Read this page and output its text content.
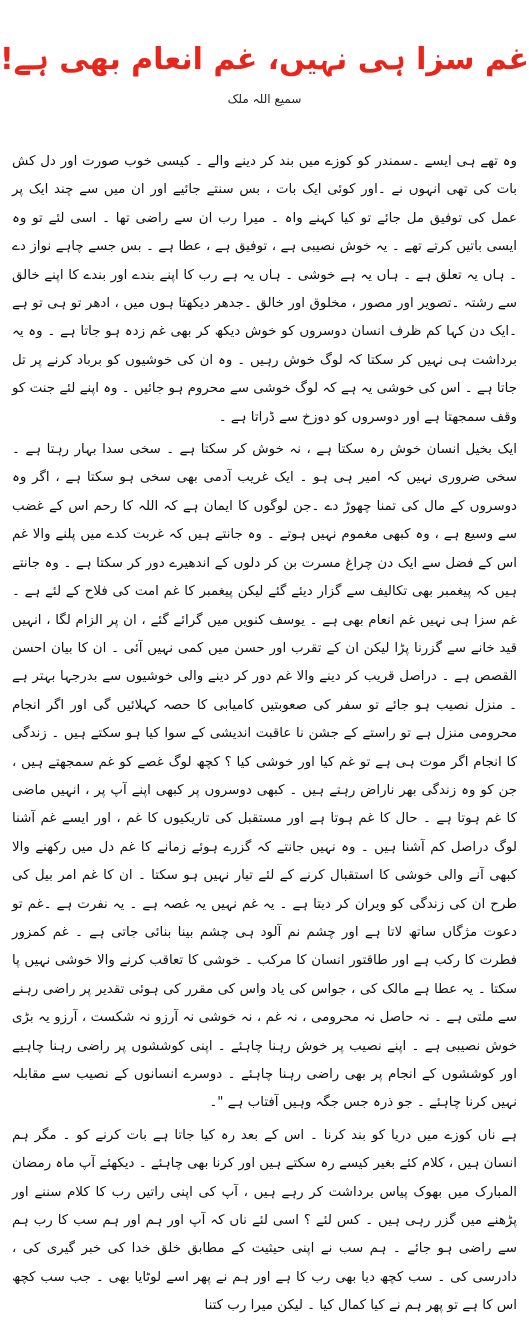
غم سزا ہی نہیں، غم انعام بھی ہے!
سمیع اللہ ملک

وہ تھے ہی ایسے ۔سمندر کو کوزے میں بند کر دینے والے ۔ کیسی خوب صورت اور دل کش بات کی تھی انہوں نے ۔اور کوئی ایک بات ، بس سنتے جائیے اور ان میں سے چند ایک پر عمل کی توفیق مل جائے تو کیا کہنے واہ ۔ میرا رب ان سے راضی تھا ۔ اسی لئے تو وہ ایسی باتیں کرتے تھے ۔ یہ خوش نصیبی ہے ، توفیق ہے ، عطا ہے ۔ بس جسے چاہے نواز دے ۔ ہاں یہ تعلق ہے ۔ ہاں یہ ہے خوشی ۔ ہاں یہ ہے رب کا اپنے بندے اور بندے کا اپنے خالق سے رشتہ ۔تصویر اور مصور ، مخلوق اور خالق ۔جدھر دیکھتا ہوں میں ، ادھر تو ہی تو ہے ۔ایک دن کہا کم ظرف انسان دوسروں کو خوش دیکھ کر بھی غم زدہ ہو جاتا ہے ۔ وہ یہ برداشت ہی نہیں کر سکتا کہ لوگ خوش رہیں ۔ وہ ان کی خوشیوں کو برباد کرنے پر تل جاتا ہے ۔ اس کی خوشی یہ ہے کہ لوگ خوشی سے محروم ہو جائیں ۔ وہ اپنے لئے جنت کو وقف سمجھتا ہے اور دوسروں کو دوزخ سے ڈراتا ہے ۔

ایک بخیل انسان خوش رہ سکتا ہے ، نہ خوش کر سکتا ہے ۔ سخی سدا بہار رہتا ہے ۔ سخی ضروری نہیں کہ امیر ہی ہو ۔ ایک غریب آدمی بھی سخی ہو سکتا ہے ، اگر وہ دوسروں کے مال کی تمنا چھوڑ دے ۔جن لوگوں کا ایمان ہے کہ اللہ کا رحم اس کے غضب سے وسیع ہے ، وہ کبھی مغموم نہیں ہوتے ۔ وہ جانتے ہیں کہ غربت کدے میں پلنے والا غم اس کے فضل سے ایک دن چراغ مسرت بن کر دلوں کے اندھیرے دور کر سکتا ہے ۔ وہ جانتے ہیں کہ پیغمبر بھی تکالیف سے گزار دیئے گئے لیکن پیغمبر کا غم امت کی فلاح کے لئے ہے ۔ غم سزا ہی نہیں غم انعام بھی ہے ۔ یوسف کنویں میں گرائے گئے ، ان پر الزام لگا ، انہیں قید خانے سے گزرنا پڑا لیکن ان کے تقرب اور حسن میں کمی نہیں آئی ۔ ان کا بیان احسن القصص ہے ۔ دراصل قریب کر دینے والا غم دور کر دینے والی خوشیوں سے بدرجہا بہتر ہے ۔ منزل نصیب ہو جائے تو سفر کی صعوبتیں کامیابی کا حصہ کہلائیں گی اور اگر انجام محرومی منزل ہے تو راستے کے جشن نا عاقبت اندیشی کے سوا کیا ہو سکتے ہیں ۔ زندگی کا انجام اگر موت ہی ہے تو غم کیا اور خوشی کیا ؟ کچھ لوگ غصے کو غم سمجھتے ہیں ، جن کو وہ زندگی بھر ناراض رہتے ہیں ۔ کبھی دوسروں پر کبھی اپنے آپ پر ، انہیں ماضی کا غم ہوتا ہے ۔ حال کا غم ہوتا ہے اور مستقبل کی تاریکیوں کا غم ، اور ایسے غم آشنا لوگ دراصل کم آشنا ہیں ۔ وہ نہیں جانتے کہ گزرے ہوئے زمانے کا غم دل میں رکھنے والا کبھی آنے والی خوشی کا استقبال کرنے کے لئے تیار نہیں ہو سکتا ۔ ان کا غم امر بیل کی طرح ان کی زندگی کو ویران کر دیتا ہے ۔ یہ غم نہیں یہ غصہ ہے ۔ یہ نفرت ہے ۔غم تو دعوت مژگاں ساتھ لاتا ہے اور چشم نم آلود ہی چشم بینا بنائی جاتی ہے ۔ غم کمزور فطرت کا رکب ہے اور طاقتور انسان کا مرکب ۔ خوشی کا تعاقب کرنے والا خوشی نہیں پا سکتا ۔ یہ عطا ہے مالک کی ، جواس کی یاد واس کی مقرر کی ہوئی تقدیر پر راضی رہنے سے ملتی ہے ۔ نہ حاصل نہ محرومی ، نہ غم ، نہ خوشی نہ آرزو نہ شکست ، آرزو یہ بڑی خوش نصیبی ہے ۔ اپنے نصیب پر خوش رہنا چاہئے ۔ اپنی کوششوں پر راضی رہنا چاہیے اور کوششوں کے انجام پر بھی راضی رہنا چاہئے ۔ دوسرے انسانوں کے نصیب سے مقابلہ نہیں کرنا چاہئے ۔ جو ذرہ جس جگہ وہیں آفتاب ہے "۔

ہے ناں کوزے میں دریا کو بند کرنا ۔ اس کے بعد رہ کیا جاتا ہے بات کرنے کو ۔ مگر ہم انسان ہیں ، کلام کئے بغیر کیسے رہ سکتے ہیں اور کرنا بھی چاہئے ۔ دیکھئے آپ ماہ رمضان المبارک میں بھوک پیاس برداشت کر رہے ہیں ، آپ کی اپنی راتیں رب کا کلام سننے اور پڑھنے میں گزر رہی ہیں ۔ کس لئے ؟ اسی لئے ناں کہ آپ اور ہم اور ہم سب کا رب ہم سے راضی ہو جائے ۔ ہم سب نے اپنی حیثیت کے مطابق خلق خدا کی خبر گیری کی ، دادرسی کی ۔ سب کچھ دیا بھی رب کا ہے اور ہم نے پھر اسے لوٹایا بھی ۔ جب سب کچھ اس کا ہے تو پھر ہم نے کیا کمال کیا ۔ لیکن میرا رب کتنا
